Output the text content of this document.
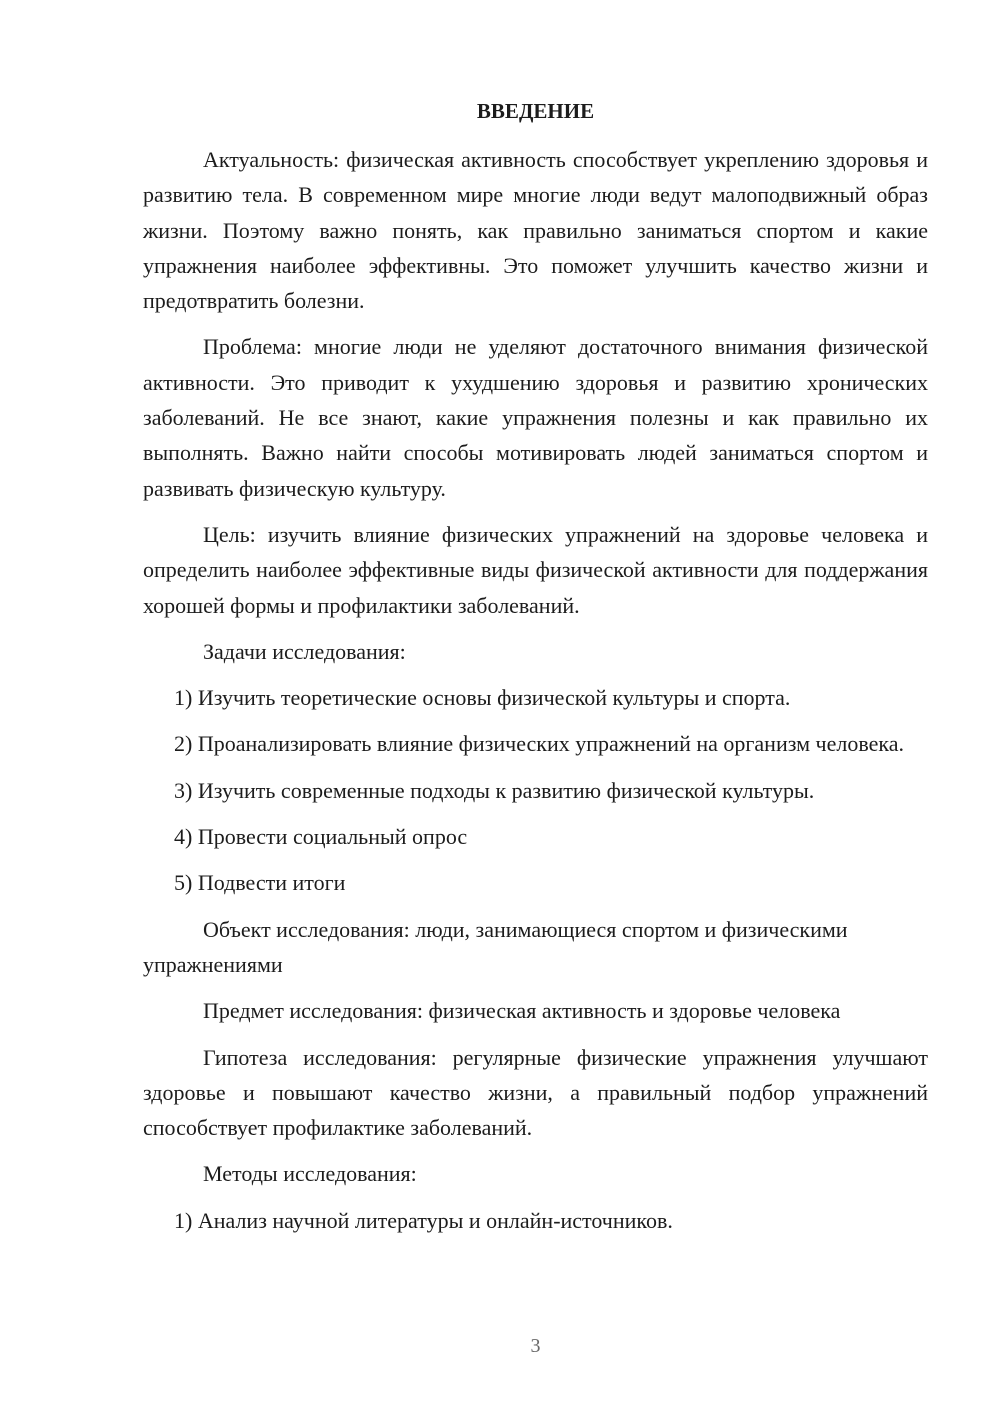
ВВЕДЕНИЕ

Актуальность: физическая активность способствует укреплению здоровья и развитию тела. В современном мире многие люди ведут малоподвижный образ жизни. Поэтому важно понять, как правильно заниматься спортом и какие упражнения наиболее эффективны. Это поможет улучшить качество жизни и предотвратить болезни.

Проблема: многие люди не уделяют достаточного внимания физической активности. Это приводит к ухудшению здоровья и развитию хронических заболеваний. Не все знают, какие упражнения полезны и как правильно их выполнять. Важно найти способы мотивировать людей заниматься спортом и развивать физическую культуру.

Цель: изучить влияние физических упражнений на здоровье человека и определить наиболее эффективные виды физической активности для поддержания хорошей формы и профилактики заболеваний.

Задачи исследования:

1) Изучить теоретические основы физической культуры и спорта.

2) Проанализировать влияние физических упражнений на организм человека.

3) Изучить современные подходы к развитию физической культуры.

4) Провести социальный опрос

5) Подвести итоги

Объект исследования: люди, занимающиеся спортом и физическими упражнениями

Предмет исследования: физическая активность и здоровье человека

Гипотеза исследования: регулярные физические упражнения улучшают здоровье и повышают качество жизни, а правильный подбор упражнений способствует профилактике заболеваний.

Методы исследования:

1) Анализ научной литературы и онлайн-источников.

3
